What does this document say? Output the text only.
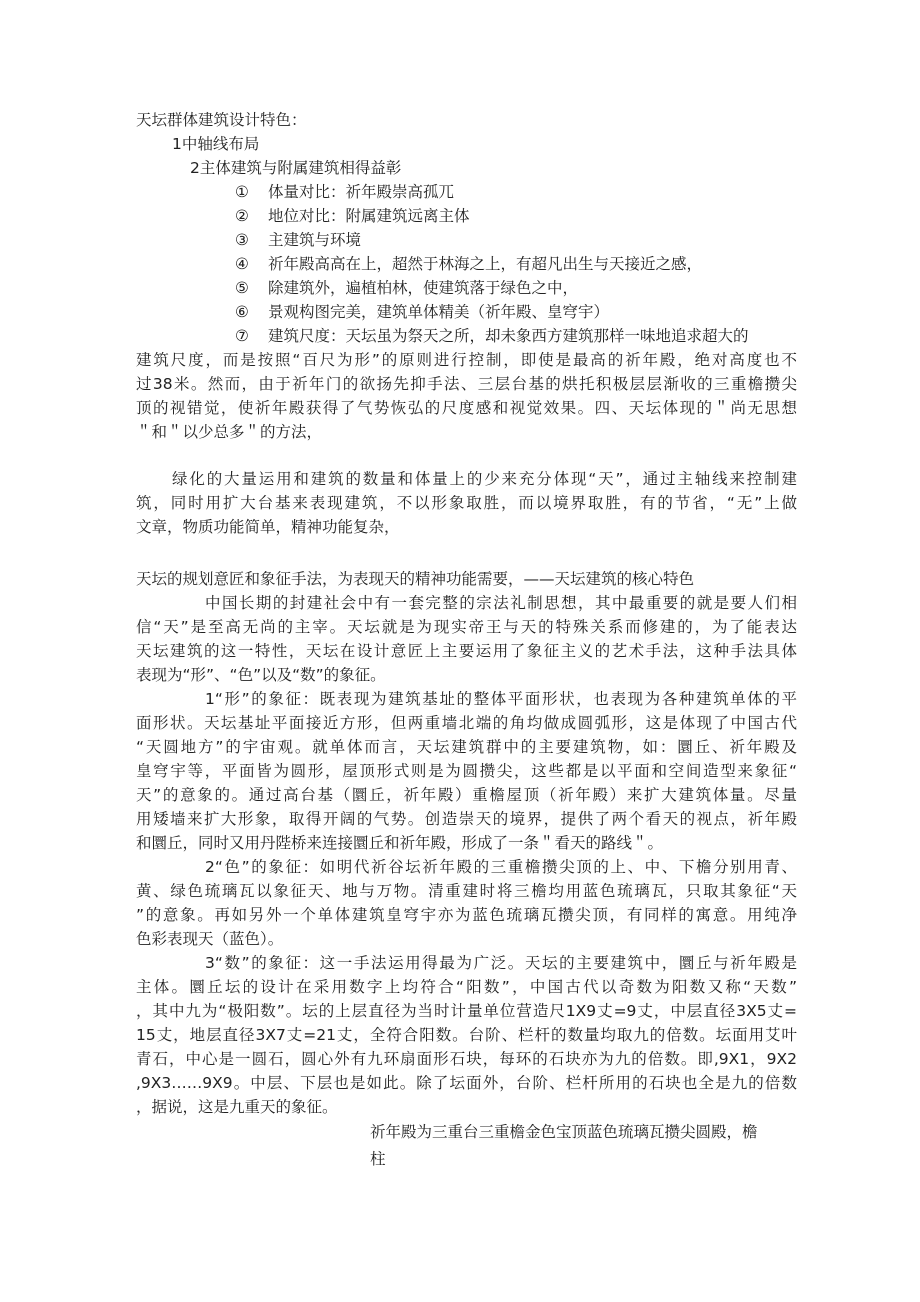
天坛群体建筑设计特色：
1中轴线布局
2主体建筑与附属建筑相得益彰
① 体量对比：祈年殿崇高孤兀
② 地位对比：附属建筑远离主体
③ 主建筑与环境
④ 祈年殿高高在上，超然于林海之上，有超凡出生与天接近之感，
⑤ 除建筑外，遍植柏林，使建筑落于绿色之中，
⑥ 景观构图完美，建筑单体精美（祈年殿、皇穹宇）
⑦ 建筑尺度：天坛虽为祭天之所，却未象西方建筑那样一味地追求超大的
建筑尺度，而是按照“百尺为形”的原则进行控制，即使是最高的祈年殿，绝对高度也不
过38米。然而，由于祈年门的欲扬先抑手法、三层台基的烘托积极层层渐收的三重檐攒尖
顶的视错觉，使祈年殿获得了气势恢弘的尺度感和视觉效果。四、天坛体现的＂尚无思想
＂和＂以少总多＂的方法，
绿化的大量运用和建筑的数量和体量上的少来充分体现“天”，通过主轴线来控制建
筑，同时用扩大台基来表现建筑，不以形象取胜，而以境界取胜，有的节省，“无”上做
文章，物质功能简单，精神功能复杂，
天坛的规划意匠和象征手法，为表现天的精神功能需要，——天坛建筑的核心特色
中国长期的封建社会中有一套完整的宗法礼制思想，其中最重要的就是要人们相
信“天”是至高无尚的主宰。天坛就是为现实帝王与天的特殊关系而修建的，为了能表达
天坛建筑的这一特性，天坛在设计意匠上主要运用了象征主义的艺术手法，这种手法具体
表现为“形”、“色”以及“数”的象征。
1“形”的象征：既表现为建筑基址的整体平面形状，也表现为各种建筑单体的平
面形状。天坛基址平面接近方形，但两重墙北端的角均做成圆弧形，这是体现了中国古代
“天圆地方”的宇宙观。就单体而言，天坛建筑群中的主要建筑物，如：圜丘、祈年殿及
皇穹宇等，平面皆为圆形，屋顶形式则是为圆攒尖，这些都是以平面和空间造型来象征“
天”的意象的。通过高台基（圜丘，祈年殿）重檐屋顶（祈年殿）来扩大建筑体量。尽量
用矮墙来扩大形象，取得开阔的气势。创造崇天的境界，提供了两个看天的视点，祈年殿
和圜丘，同时又用丹陛桥来连接圜丘和祈年殿，形成了一条＂看天的路线＂。
2“色”的象征：如明代祈谷坛祈年殿的三重檐攒尖顶的上、中、下檐分别用青、
黄、绿色琉璃瓦以象征天、地与万物。清重建时将三檐均用蓝色琉璃瓦，只取其象征“天
”的意象。再如另外一个单体建筑皇穹宇亦为蓝色琉璃瓦攒尖顶，有同样的寓意。用纯净
色彩表现天（蓝色）。
3“数”的象征：这一手法运用得最为广泛。天坛的主要建筑中，圜丘与祈年殿是
主体。圜丘坛的设计在采用数字上均符合“阳数”，中国古代以奇数为阳数又称“天数”
，其中九为“极阳数”。坛的上层直径为当时计量单位营造尺1X9丈=9丈，中层直径3X5丈=
15丈，地层直径3X7丈=21丈，全符合阳数。台阶、栏杆的数量均取九的倍数。坛面用艾叶
青石，中心是一圆石，圆心外有九环扇面形石块，每环的石块亦为九的倍数。即,9X1，9X2
,9X3……9X9。中层、下层也是如此。除了坛面外，台阶、栏杆所用的石块也全是九的倍数
，据说，这是九重天的象征。
祈年殿为三重台三重檐金色宝顶蓝色琉璃瓦攒尖圆殿，檐
柱
